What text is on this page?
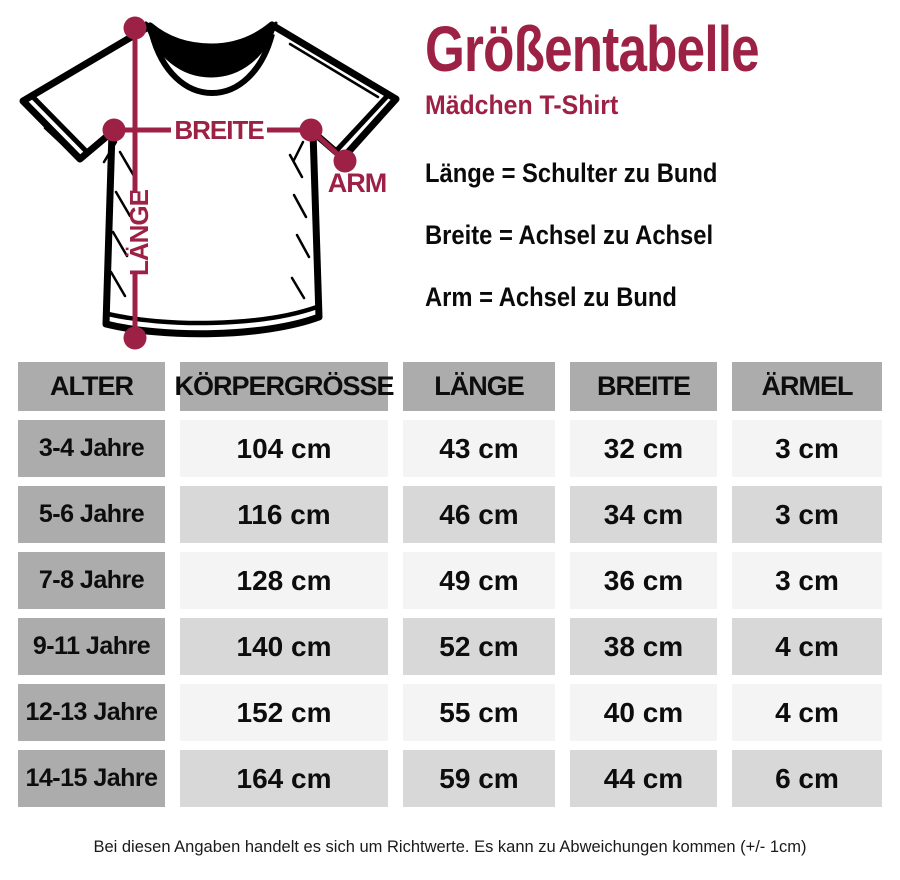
LÄNGE
BREITE
ARM
Größentabelle
Mädchen T-Shirt
Länge = Schulter zu Bund
Breite = Achsel zu Achsel
Arm = Achsel zu Bund
ALTER	KÖRPERGRÖSSE	LÄNGE	BREITE	ÄRMEL
3-4 Jahre	104 cm	43 cm	32 cm	3 cm
5-6 Jahre	116 cm	46 cm	34 cm	3 cm
7-8 Jahre	128 cm	49 cm	36 cm	3 cm
9-11 Jahre	140 cm	52 cm	38 cm	4 cm
12-13 Jahre	152 cm	55 cm	40 cm	4 cm
14-15 Jahre	164 cm	59 cm	44 cm	6 cm
Bei diesen Angaben handelt es sich um Richtwerte. Es kann zu Abweichungen kommen (+/- 1cm)
